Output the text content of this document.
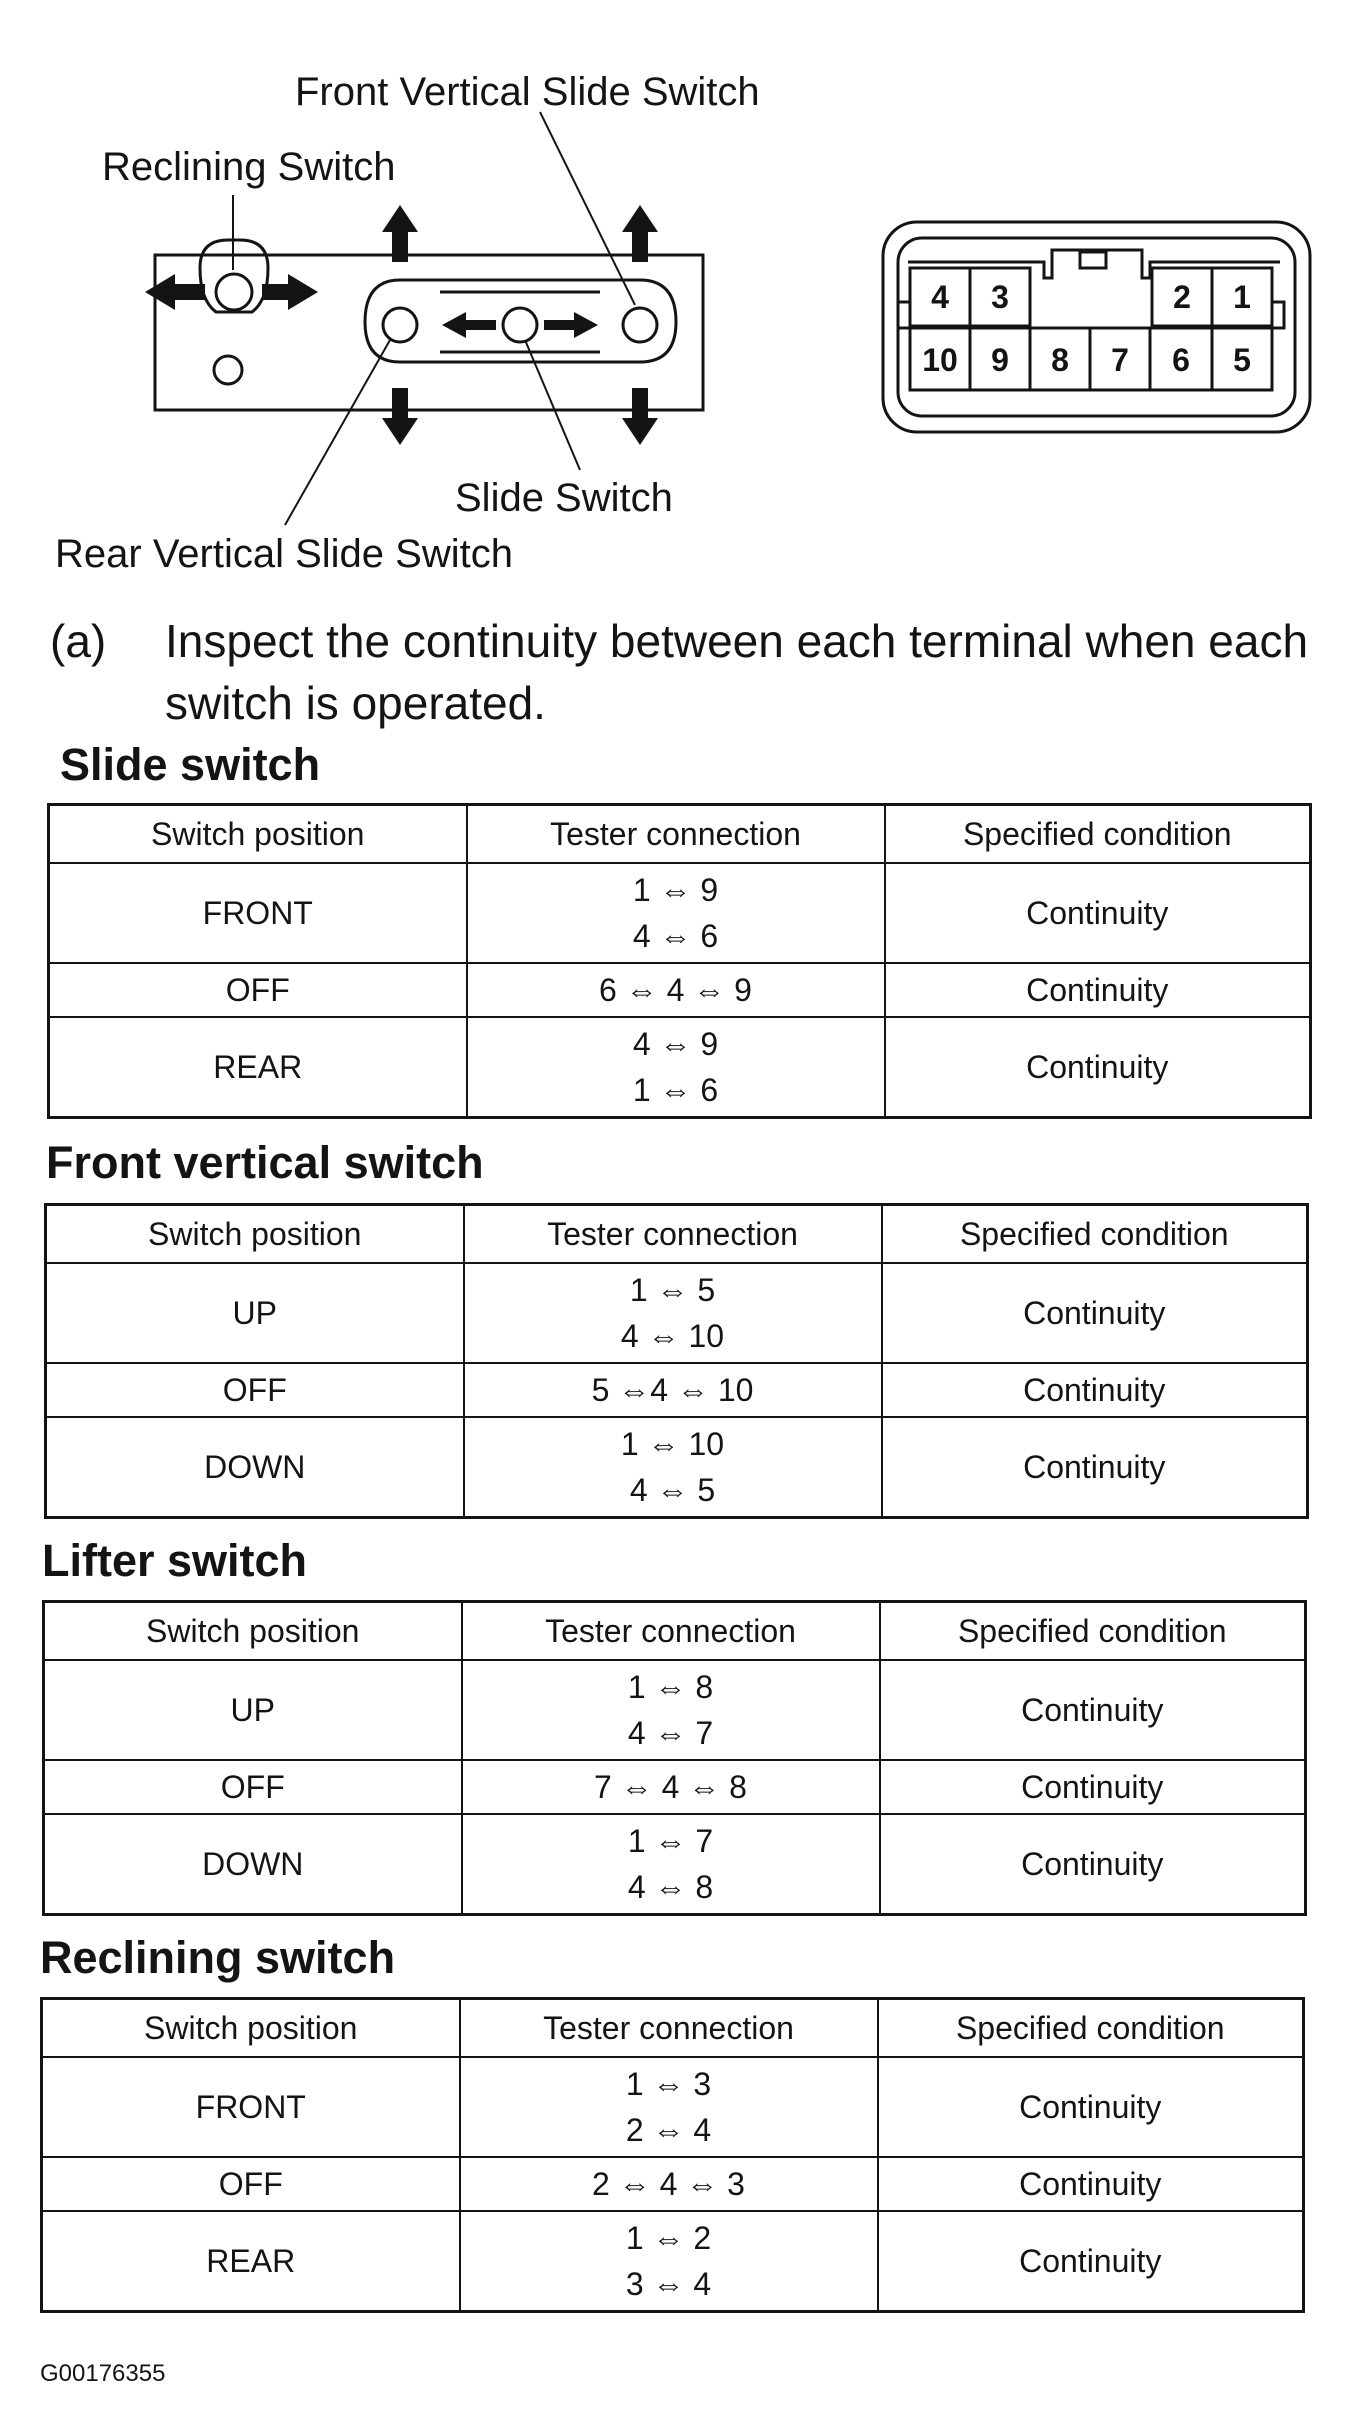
4 3	2 1
10 9 8 7 6 5
Front Vertical Slide Switch
Reclining Switch
Slide Switch
Rear Vertical Slide Switch
(a) Inspect the continuity between each terminal when each switch is operated.
Slide switch
Switch position	Tester connection	Specified condition
FRONT	1 ⇔ 9
4 ⇔ 6	Continuity
OFF	6 ⇔ 4 ⇔ 9	Continuity
REAR	4 ⇔ 9
1 ⇔ 6	Continuity
Front vertical switch
Switch position	Tester connection	Specified condition
UP	1 ⇔ 5
4 ⇔ 10	Continuity
OFF	5 ⇔4 ⇔ 10	Continuity
DOWN	1 ⇔ 10
4 ⇔ 5	Continuity
Lifter switch
Switch position	Tester connection	Specified condition
UP	1 ⇔ 8
4 ⇔ 7	Continuity
OFF	7 ⇔ 4 ⇔ 8	Continuity
DOWN	1 ⇔ 7
4 ⇔ 8	Continuity
Reclining switch
Switch position	Tester connection	Specified condition
FRONT	1 ⇔ 3
2 ⇔ 4	Continuity
OFF	2 ⇔ 4 ⇔ 3	Continuity
REAR	1 ⇔ 2
3 ⇔ 4	Continuity
G00176355
